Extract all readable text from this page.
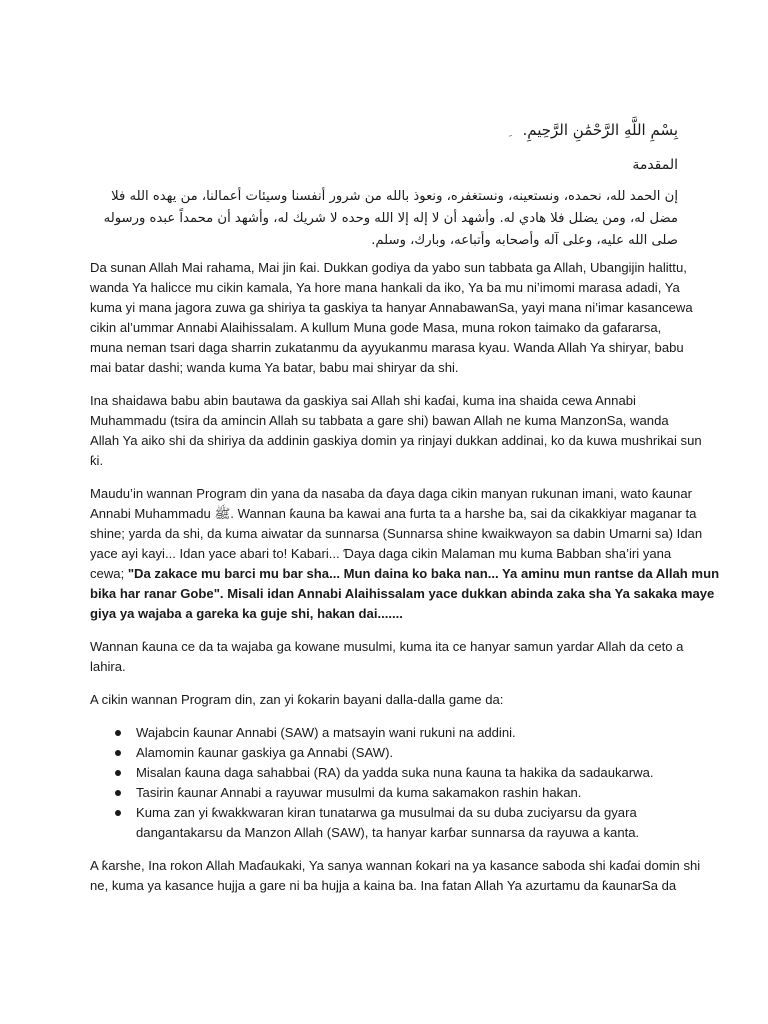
بِسْمِ اللَّهِ الرَّحْمَٰنِ الرَّحِيمِ.
المقدمة
إن الحمد لله، نحمده، ونستعينه، ونستغفره، ونعوذ بالله من شرور أنفسنا وسيئات أعمالنا، من يهده الله فلا
مضل له، ومن يضلل فلا هادي له. وأشهد أن لا إله إلا الله وحده لا شريك له، وأشهد أن محمداً عبده ورسوله
صلى الله عليه، وعلى آله وأصحابه وأتباعه، وبارك، وسلم.

Da sunan Allah Mai rahama, Mai jin ƙai. Dukkan godiya da yabo sun tabbata ga Allah, Ubangijin halittu,
wanda Ya halicce mu cikin kamala, Ya hore mana hankali da iko, Ya ba mu ni’imomi marasa adadi, Ya
kuma yi mana jagora zuwa ga shiriya ta gaskiya ta hanyar AnnabawanSa, yayi mana ni’imar kasancewa
cikin al’ummar Annabi Alaihissalam. A kullum Muna gode Masa, muna rokon taimako da gafararsa,
muna neman tsari daga sharrin zukatanmu da ayyukanmu marasa kyau. Wanda Allah Ya shiryar, babu
mai batar dashi; wanda kuma Ya batar, babu mai shiryar da shi.

Ina shaidawa babu abin bautawa da gaskiya sai Allah shi kaɗai, kuma ina shaida cewa Annabi
Muhammadu (tsira da amincin Allah su tabbata a gare shi) bawan Allah ne kuma ManzonSa, wanda
Allah Ya aiko shi da shiriya da addinin gaskiya domin ya rinjayi dukkan addinai, ko da kuwa mushrikai sun
ƙi.

Maudu’in wannan Program din yana da nasaba da ɗaya daga cikin manyan rukunan imani, wato ƙaunar
Annabi Muhammadu ﷺ. Wannan ƙauna ba kawai ana furta ta a harshe ba, sai da cikakkiyar maganar ta
shine; yarda da shi, da kuma aiwatar da sunnarsa (Sunnarsa shine kwaikwayon sa dabin Umarni sa) Idan
yace ayi kayi... Idan yace abari to! Kabari... Ɗaya daga cikin Malaman mu kuma Babban sha’iri yana
cewa; "Da zakace mu barci mu bar sha... Mun daina ko baka nan... Ya aminu mun rantse da Allah mun
bika har ranar Gobe". Misali idan Annabi Alaihissalam yace dukkan abinda zaka sha Ya sakaka maye
giya ya wajaba a gareka ka guje shi, hakan dai.......

Wannan ƙauna ce da ta wajaba ga kowane musulmi, kuma ita ce hanyar samun yardar Allah da ceto a
lahira.

A cikin wannan Program din, zan yi ƙokarin bayani dalla-dalla game da:

Wajabcin ƙaunar Annabi (SAW) a matsayin wani rukuni na addini.
Alamomin ƙaunar gaskiya ga Annabi (SAW).
Misalan ƙauna daga sahabbai (RA) da yadda suka nuna ƙauna ta hakika da sadaukarwa.
Tasirin ƙaunar Annabi a rayuwar musulmi da kuma sakamakon rashin hakan.
Kuma zan yi ƙwakkwaran kiran tunatarwa ga musulmai da su duba zuciyarsu da gyara
dangantakarsu da Manzon Allah (SAW), ta hanyar karɓar sunnarsa da rayuwa a kanta.

A ƙarshe, Ina rokon Allah Maɗaukaki, Ya sanya wannan ƙokari na ya kasance saboda shi kaɗai domin shi
ne, kuma ya kasance hujja a gare ni ba hujja a kaina ba. Ina fatan Allah Ya azurtamu da ƙaunarSa da
